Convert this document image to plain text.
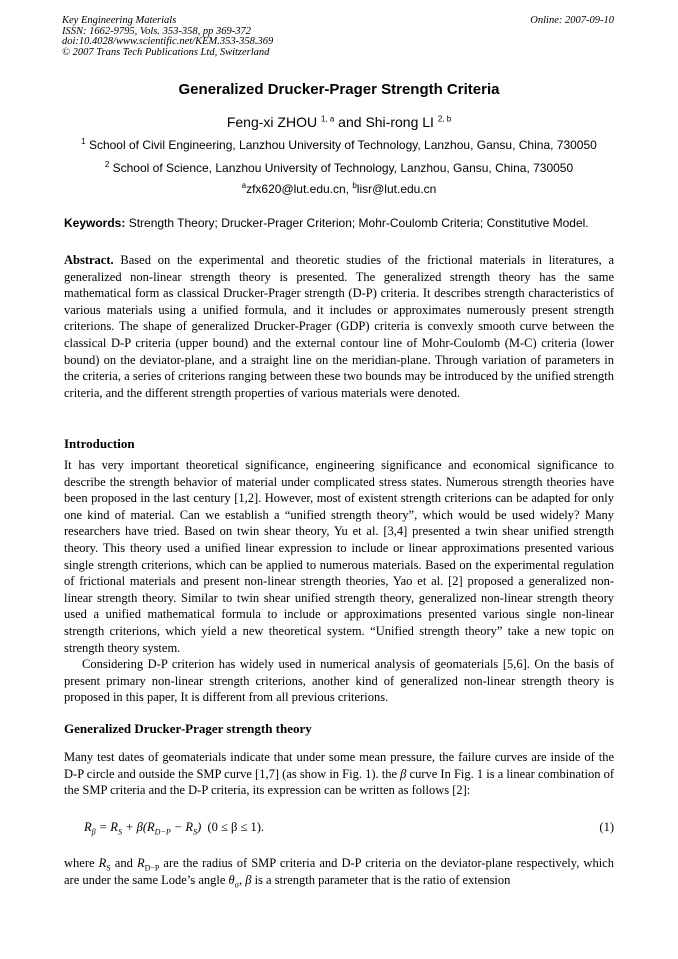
Key Engineering Materials
ISSN: 1662-9795, Vols. 353-358, pp 369-372
doi:10.4028/www.scientific.net/KEM.353-358.369
© 2007 Trans Tech Publications Ltd, Switzerland
Online: 2007-09-10
Generalized Drucker-Prager Strength Criteria
Feng-xi ZHOU $^{1, a}$ and Shi-rong LI $^{2, b}$
$^1$ School of Civil Engineering, Lanzhou University of Technology, Lanzhou, Gansu, China, 730050
$^2$ School of Science, Lanzhou University of Technology, Lanzhou, Gansu, China, 730050
$^a$zfx620@lut.edu.cn, $^b$lisr@lut.edu.cn
Keywords: Strength Theory; Drucker-Prager Criterion; Mohr-Coulomb Criteria; Constitutive Model.
Abstract. Based on the experimental and theoretic studies of the frictional materials in literatures, a generalized non-linear strength theory is presented. The generalized strength theory has the same mathematical form as classical Drucker-Prager strength (D-P) criteria. It describes strength characteristics of various materials using a unified formula, and it includes or approximates numerously present strength criterions. The shape of generalized Drucker-Prager (GDP) criteria is convexly smooth curve between the classical D-P criteria (upper bound) and the external contour line of Mohr-Coulomb (M-C) criteria (lower bound) on the deviator-plane, and a straight line on the meridian-plane. Through variation of parameters in the criteria, a series of criterions ranging between these two bounds may be introduced by the unified strength criteria, and the different strength properties of various materials were denoted.
Introduction
It has very important theoretical significance, engineering significance and economical significance to describe the strength behavior of material under complicated stress states. Numerous strength theories have been proposed in the last century [1,2]. However, most of existent strength criterions can be adapted for only one kind of material. Can we establish a “unified strength theory”, which would be used widely? Many researchers have tried. Based on twin shear theory, Yu et al. [3,4] presented a twin shear unified strength theory. This theory used a unified linear expression to include or linear approximations presented various single strength criterions, which can be applied to numerous materials. Based on the experimental regulation of frictional materials and present non-linear strength theories, Yao et al. [2] proposed a generalized non-linear strength theory. Similar to twin shear unified strength theory, generalized non-linear strength theory used a unified mathematical formula to include or approximations presented various single non-linear strength criterions, which yield a new theoretical system. “Unified strength theory” take a new topic on strength theory system.
Considering D-P criterion has widely used in numerical analysis of geomaterials [5,6]. On the basis of present primary non-linear strength criterions, another kind of generalized non-linear strength theory is proposed in this paper, It is different from all previous criterions.
Generalized Drucker-Prager strength theory
Many test dates of geomaterials indicate that under some mean pressure, the failure curves are inside of the D-P circle and outside the SMP curve [1,7] (as show in Fig. 1). the β curve In Fig. 1 is a linear combination of the SMP criteria and the D-P criteria, its expression can be written as follows [2]:
$R_\beta = R_S + \beta(R_{D-P} - R_S) (0 \le \beta \le 1)$.	(1)
where $R_S$ and $R_{D-P}$ are the radius of SMP criteria and D-P criteria on the deviator-plane respectively, which are under the same Lode’s angle $\theta_\sigma$, β is a strength parameter that is the ratio of extension
